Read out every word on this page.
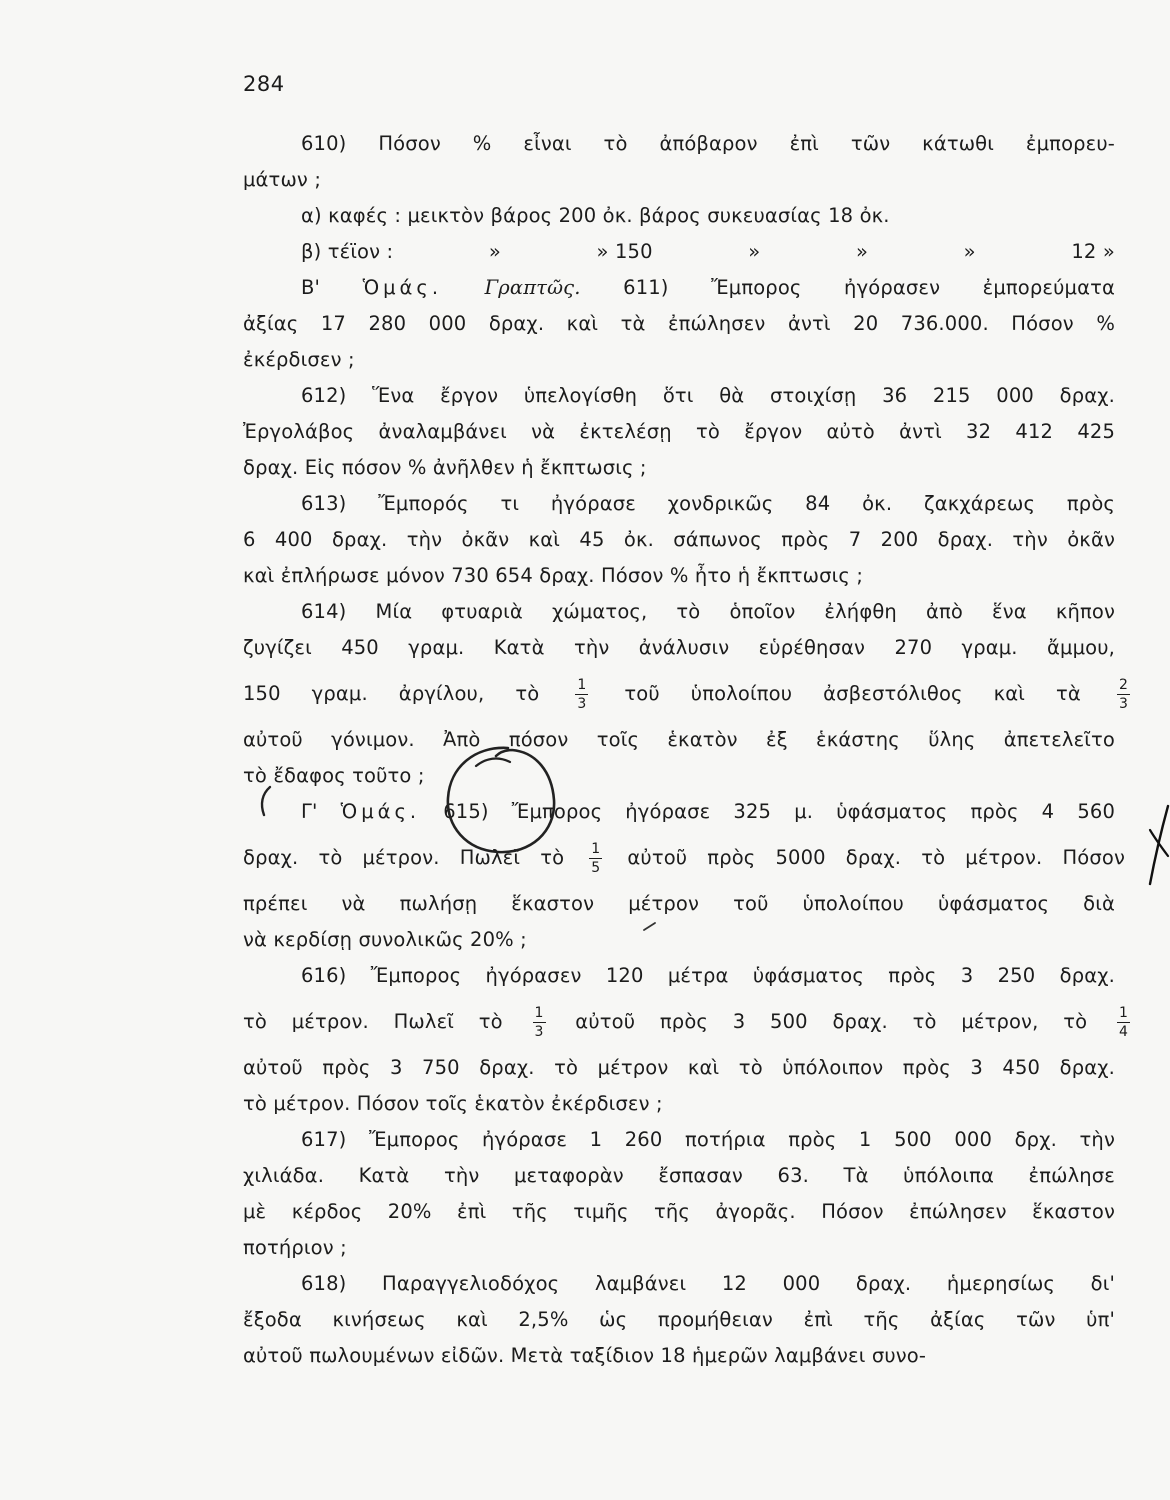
284
610) Πόσον % εἶναι τὸ ἀπόβαρον ἐπὶ τῶν κάτωθι ἐμπορευ-
μάτων ;
α) καφές : μεικτὸν βάρος 200 ὀκ. βάρος συκευασίας 18 ὀκ.
β) τέϊον :	»	» 150	»	»	»	12 »
Β' Ὁμάς. Γραπτῶς. 611) Ἔμπορος ἠγόρασεν ἐμπορεύματα
ἀξίας 17 280 000 δραχ. καὶ τὰ ἐπώλησεν ἀντὶ 20 736.000. Πόσον %
ἐκέρδισεν ;
612) Ἕνα ἔργον ὑπελογίσθη ὅτι θὰ στοιχίσῃ 36 215 000 δραχ.
Ἐργολάβος ἀναλαμβάνει νὰ ἐκτελέσῃ τὸ ἔργον αὐτὸ ἀντὶ 32 412 425
δραχ. Εἰς πόσον % ἀνῆλθεν ἡ ἔκπτωσις ;
613) Ἔμπορός τι ἠγόρασε χονδρικῶς 84 ὀκ. ζακχάρεως πρὸς
6 400 δραχ. τὴν ὀκᾶν καὶ 45 ὀκ. σάπωνος πρὸς 7 200 δραχ. τὴν ὀκᾶν
καὶ ἐπλήρωσε μόνον 730 654 δραχ. Πόσον % ἦτο ἡ ἔκπτωσις ;
614) Μία φτυαριὰ χώματος, τὸ ὁποῖον ἐλήφθη ἀπὸ ἕνα κῆπον
ζυγίζει 450 γραμ. Κατὰ τὴν ἀνάλυσιν εὑρέθησαν 270 γραμ. ἄμμου,
150 γραμ. ἀργίλου, τὸ $\frac{1}{3}$ τοῦ ὑπολοίπου ἀσβεστόλιθος καὶ τὰ $\frac{2}{3}$
αὐτοῦ γόνιμον. Ἀπὸ πόσον τοῖς ἑκατὸν ἐξ ἑκάστης ὕλης ἀπετελεῖτο
τὸ ἔδαφος τοῦτο ;
Γ' Ὁμάς. 615) Ἔμπορος ἠγόρασε 325 μ. ὑφάσματος πρὸς 4 560
δραχ. τὸ μέτρον. Πωλεῖ τὸ $\frac{1}{5}$ αὐτοῦ πρὸς 5000 δραχ. τὸ μέτρον. Πόσον
πρέπει νὰ πωλήσῃ ἕκαστον μέτρον τοῦ ὑπολοίπου ὑφάσματος διὰ
νὰ κερδίσῃ συνολικῶς 20% ;
616) Ἔμπορος ἠγόρασεν 120 μέτρα ὑφάσματος πρὸς 3 250 δραχ.
τὸ μέτρον. Πωλεῖ τὸ $\frac{1}{3}$ αὐτοῦ πρὸς 3 500 δραχ. τὸ μέτρον, τὸ $\frac{1}{4}$
αὐτοῦ πρὸς 3 750 δραχ. τὸ μέτρον καὶ τὸ ὑπόλοιπον πρὸς 3 450 δραχ.
τὸ μέτρον. Πόσον τοῖς ἑκατὸν ἐκέρδισεν ;
617) Ἔμπορος ἠγόρασε 1 260 ποτήρια πρὸς 1 500 000 δρχ. τὴν
χιλιάδα. Κατὰ τὴν μεταφορὰν ἔσπασαν 63. Τὰ ὑπόλοιπα ἐπώλησε
μὲ κέρδος 20% ἐπὶ τῆς τιμῆς τῆς ἀγορᾶς. Πόσον ἐπώλησεν ἕκαστον
ποτήριον ;
618) Παραγγελιοδόχος λαμβάνει 12 000 δραχ. ἡμερησίως δι'
ἔξοδα κινήσεως καὶ 2,5% ὡς προμήθειαν ἐπὶ τῆς ἀξίας τῶν ὑπ'
αὐτοῦ πωλουμένων εἰδῶν. Μετὰ ταξίδιον 18 ἡμερῶν λαμβάνει συνο-
